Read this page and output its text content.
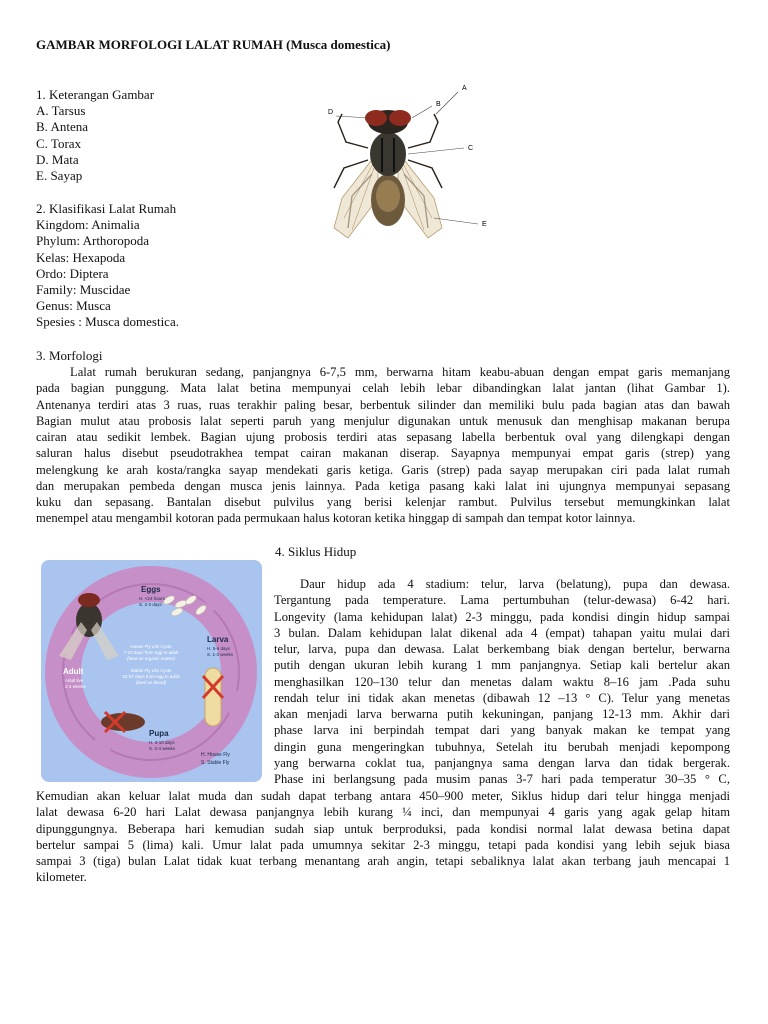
GAMBAR MORFOLOGI LALAT RUMAH (Musca domestica)
1. Keterangan Gambar
A. Tarsus
B. Antena
C. Torax
D. Mata
E. Sayap
A
B
C
D
E
2. Klasifikasi Lalat Rumah
Kingdom: Animalia
Phylum: Arthoropoda
Kelas: Hexapoda
Ordo: Diptera
Family: Muscidae
Genus: Musca
Spesies : Musca domestica.
3. Morfologi
Lalat rumah berukuran sedang, panjangnya 6-7,5 mm, berwarna hitam keabu-abuan dengan empat garis memanjang
pada bagian punggung. Mata lalat betina mempunyai celah lebih lebar dibandingkan lalat jantan (lihat Gambar 1).
Antenanya terdiri atas 3 ruas, ruas terakhir paling besar, berbentuk silinder dan memiliki bulu pada bagian atas dan bawah
Bagian mulut atau probosis lalat seperti paruh yang menjulur digunakan untuk menusuk dan menghisap makanan berupa
cairan atau sedikit lembek. Bagian ujung probosis terdiri atas sepasang labella berbentuk oval yang dilengkapi dengan
saluran halus disebut pseudotrakhea tempat cairan makanan diserap. Sayapnya mempunyai empat garis (strep) yang
melengkung ke arah kosta/rangka sayap mendekati garis ketiga. Garis (strep) pada sayap merupakan ciri pada lalat rumah
dan merupakan pembeda dengan musca jenis lainnya. Pada ketiga pasang kaki lalat ini ujungnya mempunyai sepasang
kuku dan sepasang. Bantalan disebut pulvilus yang berisi kelenjar rambut. Pulvilus tersebut memungkinkan lalat
menempel atau mengambil kotoran pada permukaan halus kotoran ketika hinggap di sampah dan tempat kotor lainnya.
4. Siklus Hidup
Eggs
H. <24 hours
S. 2-3 days
Larva
H. 5-6 days
S. 1-3 weeks
Pupa
H. 3-10 days
S. 2-4 weeks
Adult
Adult live
2-4 weeks
House Fly Life Cycle
7-10 days from egg to adult
(feed on organic matter)
Stable Fly Life Cycle
22-57 days from egg to adult
(feed on blood)
H. House Fly
S. Stable Fly
Daur hidup ada 4 stadium: telur, larva (belatung), pupa dan dewasa.
Tergantung pada temperature. Lama pertumbuhan (telur-dewasa) 6-42 hari.
Longevity (lama kehidupan lalat) 2-3 minggu, pada kondisi dingin hidup sampai
3 bulan. Dalam kehidupan lalat dikenal ada 4 (empat) tahapan yaitu mulai dari
telur, larva, pupa dan dewasa. Lalat berkembang biak dengan bertelur, berwarna
putih dengan ukuran lebih kurang 1 mm panjangnya. Setiap kali bertelur akan
menghasilkan 120–130 telur dan menetas dalam waktu 8–16 jam .Pada suhu
rendah telur ini tidak akan menetas (dibawah 12 –13 ° C). Telur yang menetas
akan menjadi larva berwarna putih kekuningan, panjang 12-13 mm. Akhir dari
phase larva ini berpindah tempat dari yang banyak makan ke tempat yang
dingin guna mengeringkan tubuhnya, Setelah itu berubah menjadi kepompong
yang berwarna coklat tua, panjangnya sama dengan larva dan tidak bergerak.
Phase ini berlangsung pada musim panas 3-7 hari pada temperatur 30–35 ° C,
Kemudian akan keluar lalat muda dan sudah dapat terbang antara 450–900 meter, Siklus hidup dari telur hingga menjadi
lalat dewasa 6-20 hari Lalat dewasa panjangnya lebih kurang ¼ inci, dan mempunyai 4 garis yang agak gelap hitam
dipunggungnya. Beberapa hari kemudian sudah siap untuk berproduksi, pada kondisi normal lalat dewasa betina dapat
bertelur sampai 5 (lima) kali. Umur lalat pada umumnya sekitar 2-3 minggu, tetapi pada kondisi yang lebih sejuk biasa
sampai 3 (tiga) bulan Lalat tidak kuat terbang menantang arah angin, tetapi sebaliknya lalat akan terbang jauh mencapai 1
kilometer.
